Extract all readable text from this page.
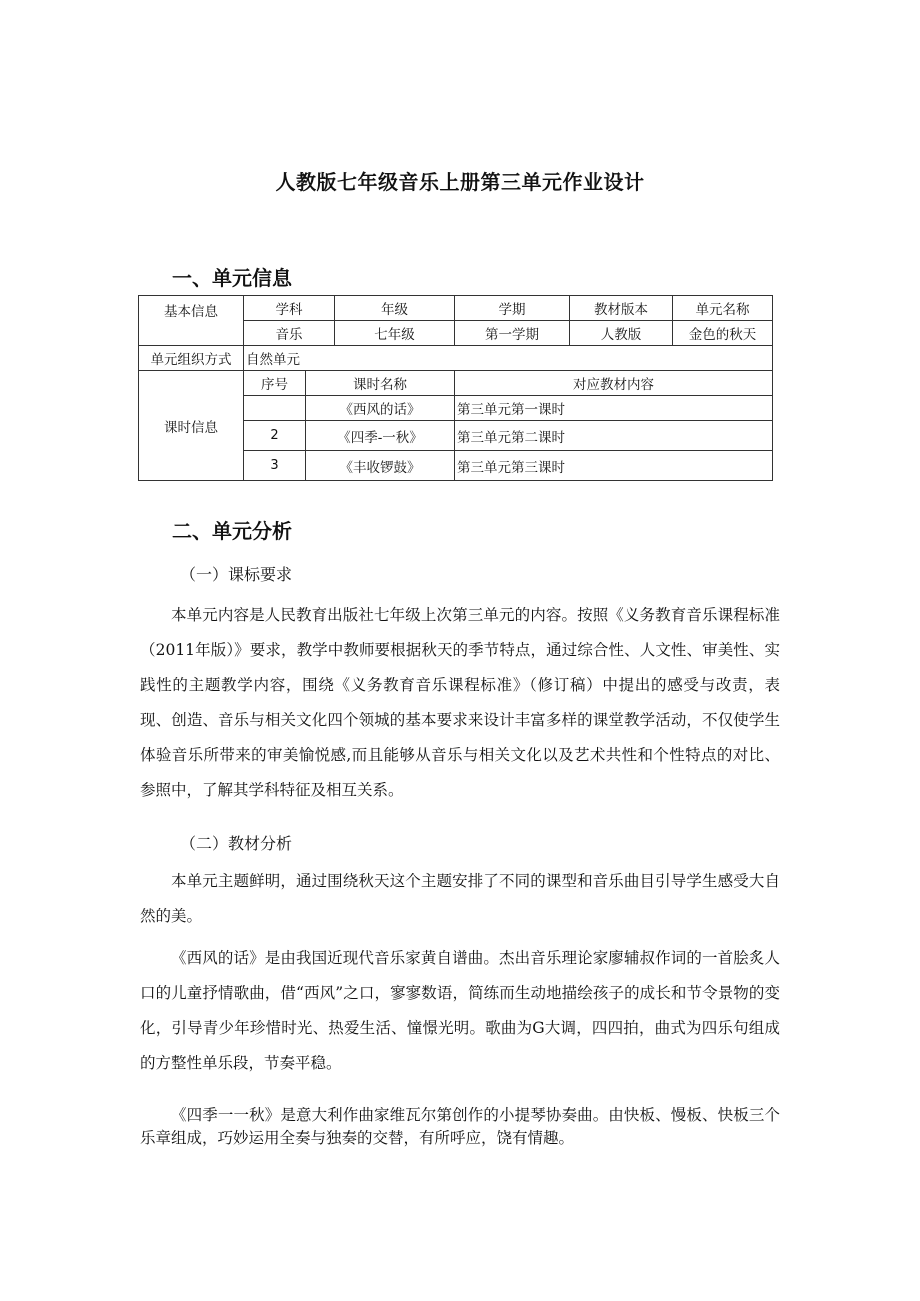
人教版七年级音乐上册第三单元作业设计
一、单元信息
基本信息	学科		年级	学期	教材版本	单元名称
	音乐		七年级	第一学期	人教版	金色的秋天
单元组织方式	自然单元					
课时信息	序号	课时名称		对应教材内容		
		《西风的话》		第三单元第一课时		
	2	《四季-一秋》		第三单元第二课时		
	3	《丰收锣鼓》		第三单元第三课时		
二、单元分析
（一）课标要求

本单元内容是人民教育出版社七年级上次第三单元的内容。按照《义务教育音乐课程标准（2011年版）》要求，教学中教师要根据秋天的季节特点，通过综合性、人文性、审美性、实践性的主题教学内容，围绕《义务教育音乐课程标准》（修订稿）中提出的感受与改责，表现、创造、音乐与相关文化四个领城的基本要求来设计丰富多样的课堂教学活动，不仅使学生体验音乐所带来的审美愉悦感,而且能够从音乐与相关文化以及艺术共性和个性特点的对比、参照中，了解其学科特征及相互关系。

（二）教材分析

本单元主题鲜明，通过围绕秋天这个主题安排了不同的课型和音乐曲目引导学生感受大自然的美。

《西风的话》是由我国近现代音乐家黄自谱曲。杰出音乐理论家廖辅叔作词的一首脍炙人口的儿童抒情歌曲，借“西风”之口，寥寥数语，简练而生动地描绘孩子的成长和节令景物的变化，引导青少年珍惜时光、热爱生活、憧憬光明。歌曲为G大调，四四拍，曲式为四乐句组成的方整性单乐段，节奏平稳。

《四季一一秋》是意大利作曲家维瓦尔第创作的小提琴协奏曲。由快板、慢板、快板三个乐章组成，巧妙运用全奏与独奏的交替，有所呼应，饶有情趣。
